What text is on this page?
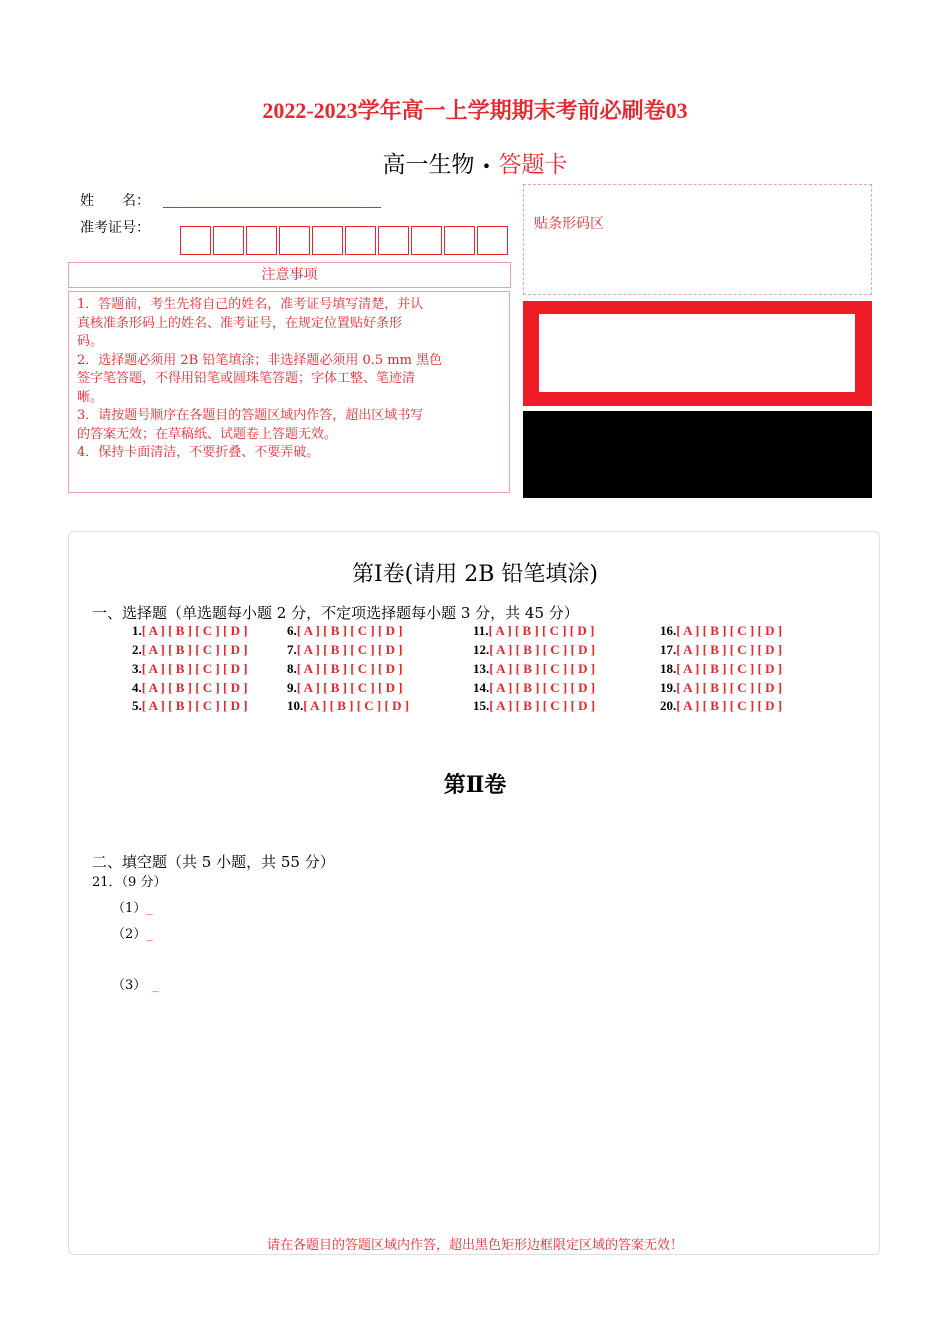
2022-2023学年高一上学期期末考前必刷卷03
高一生物 • 答题卡
姓　　名：
准考证号：
注意事项

1．答题前，考生先将自己的姓名，准考证号填写清楚，并认

真核准条形码上的姓名、准考证号，在规定位置贴好条形

码。

2．选择题必须用 2B 铅笔填涂；非选择题必须用 0.5 mm 黑色

签字笔答题，不得用铅笔或圆珠笔答题；字体工整、笔迹清

晰。

3．请按题号顺序在各题目的答题区域内作答，超出区域书写

的答案无效；在草稿纸、试题卷上答题无效。

4．保持卡面清洁，不要折叠、不要弄破。

贴条形码区
第Ⅰ卷(请用 2B 铅笔填涂)
一、选择题（单选题每小题 2 分，不定项选择题每小题 3 分，共 45 分）
1.[ A ] [ B ] [ C ] [ D ]
2.[ A ] [ B ] [ C ] [ D ]
3.[ A ] [ B ] [ C ] [ D ]
4.[ A ] [ B ] [ C ] [ D ]
5.[ A ] [ B ] [ C ] [ D ]
6.[ A ] [ B ] [ C ] [ D ]
7.[ A ] [ B ] [ C ] [ D ]
8.[ A ] [ B ] [ C ] [ D ]
9.[ A ] [ B ] [ C ] [ D ]
10.[ A ] [ B ] [ C ] [ D ]
11.[ A ] [ B ] [ C ] [ D ]
12.[ A ] [ B ] [ C ] [ D ]
13.[ A ] [ B ] [ C ] [ D ]
14.[ A ] [ B ] [ C ] [ D ]
15.[ A ] [ B ] [ C ] [ D ]
16.[ A ] [ B ] [ C ] [ D ]
17.[ A ] [ B ] [ C ] [ D ]
18.[ A ] [ B ] [ C ] [ D ]
19.[ A ] [ B ] [ C ] [ D ]
20.[ A ] [ B ] [ C ] [ D ]
第Ⅱ卷
二、填空题（共 5 小题，共 55 分）
21．（9 分）
（1）_
（2）_
（3） _
请在各题目的答题区域内作答，超出黑色矩形边框限定区域的答案无效！
